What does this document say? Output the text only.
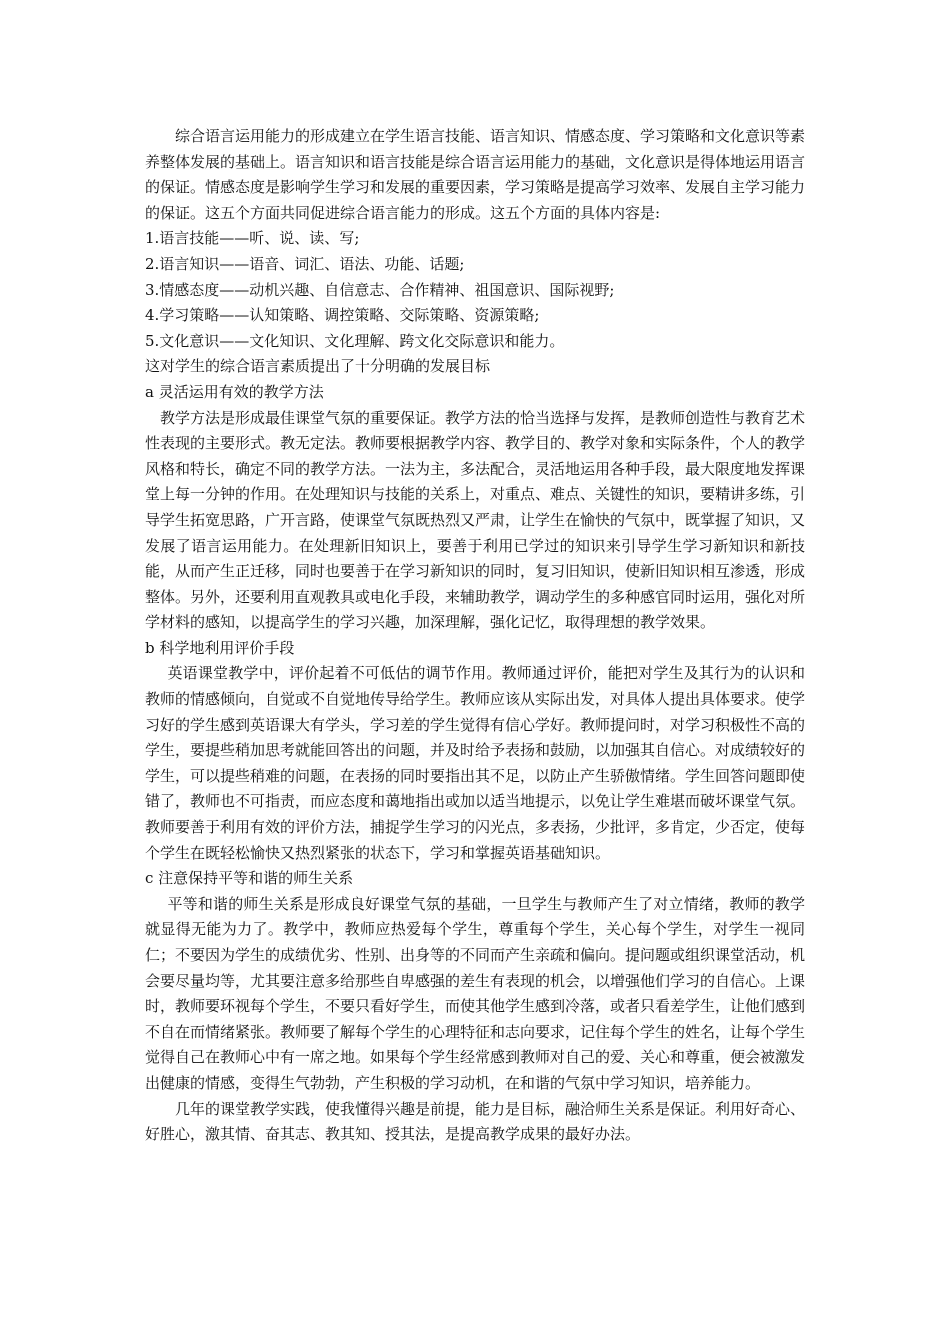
综合语言运用能力的形成建立在学生语言技能、语言知识、情感态度、学习策略和文化意识等素养整体发展的基础上。语言知识和语言技能是综合语言运用能力的基础，文化意识是得体地运用语言的保证。情感态度是影响学生学习和发展的重要因素，学习策略是提高学习效率、发展自主学习能力的保证。这五个方面共同促进综合语言能力的形成。这五个方面的具体内容是:

1.语言技能——听、说、读、写;

2.语言知识——语音、词汇、语法、功能、话题;

3.情感态度——动机兴趣、自信意志、合作精神、祖国意识、国际视野;

4.学习策略——认知策略、调控策略、交际策略、资源策略;

5.文化意识——文化知识、文化理解、跨文化交际意识和能力。

这对学生的综合语言素质提出了十分明确的发展目标

a 灵活运用有效的教学方法

教学方法是形成最佳课堂气氛的重要保证。教学方法的恰当选择与发挥，是教师创造性与教育艺术性表现的主要形式。教无定法。教师要根据教学内容、教学目的、教学对象和实际条件，个人的教学风格和特长，确定不同的教学方法。一法为主，多法配合，灵活地运用各种手段，最大限度地发挥课堂上每一分钟的作用。在处理知识与技能的关系上，对重点、难点、关键性的知识，要精讲多练，引导学生拓宽思路，广开言路，使课堂气氛既热烈又严肃，让学生在愉快的气氛中，既掌握了知识，又发展了语言运用能力。在处理新旧知识上，要善于利用已学过的知识来引导学生学习新知识和新技能，从而产生正迁移，同时也要善于在学习新知识的同时，复习旧知识，使新旧知识相互渗透，形成整体。另外，还要利用直观教具或电化手段，来辅助教学，调动学生的多种感官同时运用，强化对所学材料的感知，以提高学生的学习兴趣，加深理解，强化记忆，取得理想的教学效果。

b 科学地利用评价手段

英语课堂教学中，评价起着不可低估的调节作用。教师通过评价，能把对学生及其行为的认识和教师的情感倾向，自觉或不自觉地传导给学生。教师应该从实际出发，对具体人提出具体要求。使学习好的学生感到英语课大有学头，学习差的学生觉得有信心学好。教师提问时，对学习积极性不高的学生，要提些稍加思考就能回答出的问题，并及时给予表扬和鼓励，以加强其自信心。对成绩较好的学生，可以提些稍难的问题，在表扬的同时要指出其不足，以防止产生骄傲情绪。学生回答问题即使错了，教师也不可指责，而应态度和蔼地指出或加以适当地提示，以免让学生难堪而破坏课堂气氛。教师要善于利用有效的评价方法，捕捉学生学习的闪光点，多表扬，少批评，多肯定，少否定，使每个学生在既轻松愉快又热烈紧张的状态下，学习和掌握英语基础知识。

c 注意保持平等和谐的师生关系

平等和谐的师生关系是形成良好课堂气氛的基础，一旦学生与教师产生了对立情绪，教师的教学就显得无能为力了。教学中，教师应热爱每个学生，尊重每个学生，关心每个学生，对学生一视同仁；不要因为学生的成绩优劣、性别、出身等的不同而产生亲疏和偏向。提问题或组织课堂活动，机会要尽量均等，尤其要注意多给那些自卑感强的差生有表现的机会，以增强他们学习的自信心。上课时，教师要环视每个学生，不要只看好学生，而使其他学生感到冷落，或者只看差学生，让他们感到不自在而情绪紧张。教师要了解每个学生的心理特征和志向要求，记住每个学生的姓名，让每个学生觉得自己在教师心中有一席之地。如果每个学生经常感到教师对自己的爱、关心和尊重，便会被激发出健康的情感，变得生气勃勃，产生积极的学习动机，在和谐的气氛中学习知识，培养能力。

几年的课堂教学实践，使我懂得兴趣是前提，能力是目标，融洽师生关系是保证。利用好奇心、好胜心，激其情、奋其志、教其知、授其法，是提高教学成果的最好办法。
